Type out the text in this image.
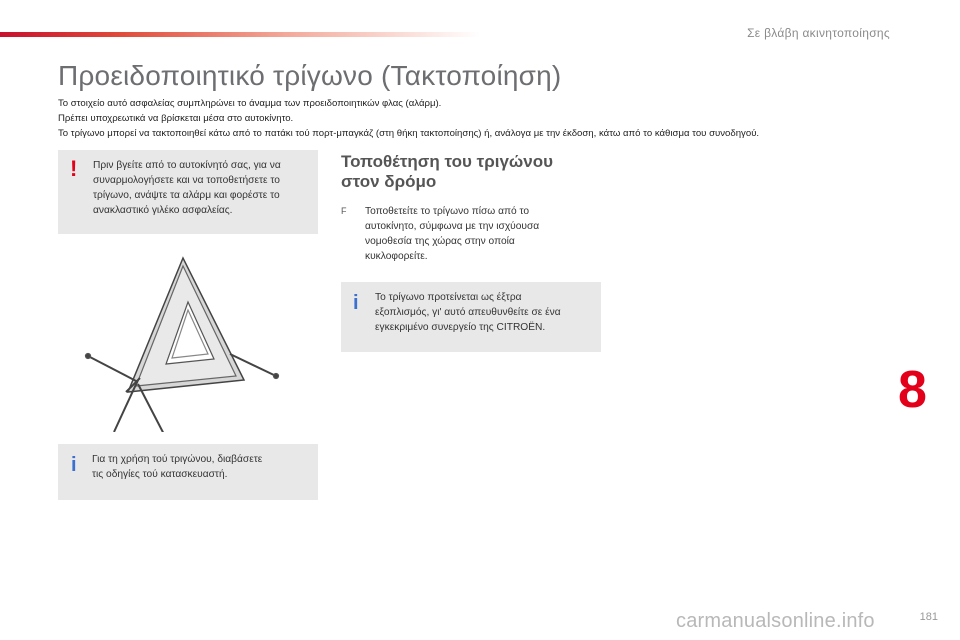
Σε βλάβη ακινητοποίησης
Προειδοποιητικό τρίγωνο (Τακτοποίηση)

Το στοιχείο αυτό ασφαλείας συμπληρώνει το άναμμα των προειδοποιητικών φλας (αλάρμ).

Πρέπει υποχρεωτικά να βρίσκεται μέσα στο αυτοκίνητο.

Το τρίγωνο μπορεί να τακτοποιηθεί κάτω από το πατάκι τού πορτ-μπαγκάζ (στη θήκη τακτοποίησης) ή, ανάλογα με την έκδοση, κάτω από το κάθισμα του συνοδηγού.

! Πριν βγείτε από το αυτοκίνητό σας, για να
συναρμολογήσετε και να τοποθετήσετε το
τρίγωνο, ανάψτε τα αλάρμ και φορέστε το
ανακλαστικό γιλέκο ασφαλείας.
i Για τη χρήση τού τριγώνου, διαβάσετε
τις οδηγίες τού κατασκευαστή.
Τοποθέτηση του τριγώνου
στον δρόμο
F Τοποθετείτε το τρίγωνο πίσω από το
αυτοκίνητο, σύμφωνα με την ισχύουσα
νομοθεσία της χώρας στην οποία
κυκλοφορείτε.
i Το τρίγωνο προτείνεται ως έξτρα
εξοπλισμός, γι' αυτό απευθυνθείτε σε ένα
εγκεκριμένο συνεργείο της CITROËN.
8
carmanualsonline.info	181
